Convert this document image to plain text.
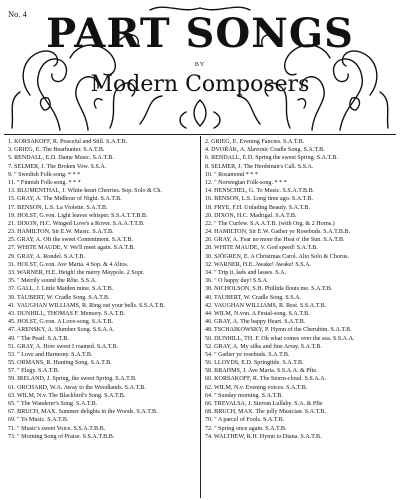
No. 4 PART SONGS
BY
Modern Composers
1. KORSAKOFF, R. Peaceful and Still. S.A.T.B.
3. GRIEG, E. The Bearhunter. S.A.T.B.
5. RENDALL, E.D. Dame Music. S.A.T.B.
7. SELMER, J. The Broken Vow. S.S.A.
9. " Swedish Folk-song. * * *
11. " Finnish Folk-song. * * *
13. BLUMENTHAL, J. White-heart Cherries. Sop. Solo & Ch.
15. GRAY, A. The Midhour of Night. S.A.T.B.
17. BENSON, L.S. La Violette. S.A.T.B.
19. HOLST, G.von. Light leaves whisper. S.S.A.T.T.B.B.
21. DIXON, H.C. Winged Love's a Rover. S.A.A.T.T.B.
23. HAMILTON, Sir E.W. Music. S.A.T.B.
25. GRAY, A. Oft the sweet Contentment. S.A.T.B.
27. WHITE MAUDE, V. We'll meet again. S.A.T.B.
29. GRAY, A. Rondel. S.A.T.B.
31. HOLST, G.von. Ave Maria. 4 Sop. & 4 Altos.
33. WARNER, H.E. Heigh! the merry Maypole. 2 Sopr.
35. " Merrily sound the Rôte. S.S.A.
37. GALL, J. Little Maiden mine. S.A.T.B.
39. TAUBERT, W. Cradle Song. S.A.T.B.
41. VAUGHAN WILLIAMS, R. Ring out your bells. S.S.A.T.B.
43. DUNHILL, THOMAS F. Memory. S.A.T.B.
45. HOLST, G.von. A Love-song. S.A.T.B.
47. ARENSKY, A. Slumber Song. S.S.A.A.
49. " The Pearl. S.A.T.B.
51. GRAY, A. How sweet I roamed. S.A.T.B.
53. " Love and Harmony. S.A.T.B.
55. ORMANS, R. Hunting Song. S.A.T.B.
57. " Elegy. S.A.T.B.
59. IRELAND, J. Spring, the sweet Spring. S.A.T.B.
61. ORCHARD, W.A. Away to the Woodlands. S.A.T.B.
63. WILM, N.v. The Blackbird's Song. S.A.T.B.
65. " The Wanderer's Song. S.A.T.B.
67. BRUCH, MAX. Summer delights in the Woods. S.A.T.B.
69. " To Music. S.A.T.B.
71. " Music's sweet Voice. S.S.A.T.B.B.
73. " Morning Song of Praise. S.S.A.T.B.B.
2. GRIEG, E. Evening Fancies. S.A.T.B.
4. DVOŘÁK, A. Slavonic Cradle Song. S.A.T.B.
6. RENDALL, E.D. Spring the sweet Spring. S.A.T.B.
8. SELMER, J. The Herdsman's Call. S.S.A.
10. " Rosamond * * *
12. " Norwegian Folk-song. * * *
14. HENSCHEL, G. To Music. S.S.A.T.B.B.
16. BENSON, L.S. Long time ago. S.A.T.B.
18. FRYE, F.H. Unfading Beauty. S.A.T.B.
20. DIXON, H.C. Madrigal. S.A.T.B.
22. " The Curfew. S.A.A.T.B. (with Org. & 2 Horns.)
24. HAMILTON, Sir E.W. Gather ye Rosebuds. S.A.T.B.B.
26. GRAY, A. Fear no more the Heat o' the Sun. S.A.T.B.
28. WHITE MAUDE, V. God speed! S.A.T.B.
30. SJÖGREN, E. A Christmas Carol. Alto Solo & Chorus.
32. WARNER, H.E. Awake! Awake! S.S.A.
34. " Trip it, lads and lasses. S.A.
36. " O happy day! S.S.A.
38. NICHOLSON, S.H. Phillida flouts me. S.A.T.B.
40. TAUBERT, W. Cradle Song. S.S.A.
42. VAUGHAN WILLIAMS, R. Rest. S.S.A.T.B.
44. WILM, N.von. A Festal-song. S.A.T.B.
46. GRAY, A. The happy Heart. S.A.T.B.
48. TSCHAIKOWSKY, P. Hymn of the Cherubim. S.A.T.B.
50. DUNHILL, TH. F. Oh what comes over the sea. S.S.A.A.
52. GRAY, A. My silks and fine Array. S.A.T.B.
54. " Gather ye rosebuds. S.A.T.B.
56. LLOYDS, E.D. Springtide. S.A.T.B.
58. BRAHMS, J. Ave Maria. S.S.A.A. & Pfte.
60. KORSAKOFF, R. The Storm-cloud. S.S.A.A.
62. WILM, N.v. Evening voices. S.A.T.B.
64. " Sunday morning. S.A.T.B.
66. TREVALSA, J. Sierran Lullaby. S.A. & Pfte
68. BRUCH, MAX. The jolly Musician. S.A.T.B.
70. " A parcel of Fools. S.A.T.B.
72. " Spring once again. S.A.T.B.
74. WALTHEW, R.H. Hymn to Diana. S.A.T.B.
